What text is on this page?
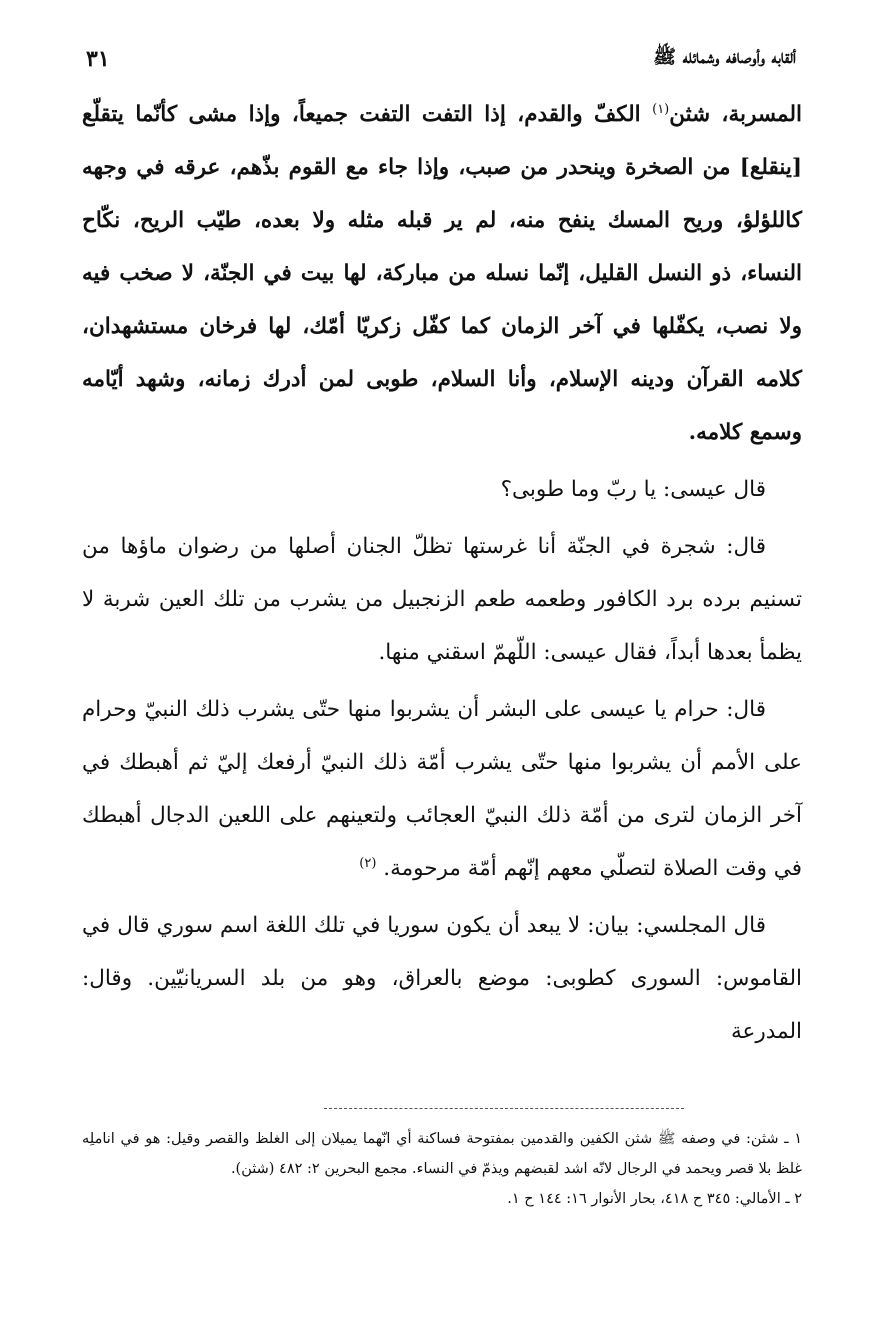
ألقابه وأوصافه وشمائله ﷺ
٣١

المسربة، شثن$^{(١)}$ الكفّ والقدم، إذا التفت التفت جميعاً، وإذا مشى كأنّما يتقلّع [ينقلع] من الصخرة وينحدر من صبب، وإذا جاء مع القوم بذّهم، عرقه في وجهه كاللؤلؤ، وريح المسك ينفح منه، لم ير قبله مثله ولا بعده، طيّب الريح، نكّاح النساء، ذو النسل القليل، إنّما نسله من مباركة، لها بيت في الجنّة، لا صخب فيه ولا نصب، يكفّلها في آخر الزمان كما كفّل زكريّا أمّك، لها فرخان مستشهدان، كلامه القرآن ودينه الإسلام، وأنا السلام، طوبى لمن أدرك زمانه، وشهد أيّامه وسمع كلامه.

قال عيسى: يا ربّ وما طوبى؟

قال: شجرة في الجنّة أنا غرستها تظلّ الجنان أصلها من رضوان ماؤها من تسنيم برده برد الكافور وطعمه طعم الزنجبيل من يشرب من تلك العين شربة لا يظمأ بعدها أبداً، فقال عيسى: اللّهمّ اسقني منها.

قال: حرام يا عيسى على البشر أن يشربوا منها حتّى يشرب ذلك النبيّ وحرام على الأمم أن يشربوا منها حتّى يشرب أمّة ذلك النبيّ أرفعك إليّ ثم أهبطك في آخر الزمان لترى من أمّة ذلك النبيّ العجائب ولتعينهم على اللعين الدجال أهبطك في وقت الصلاة لتصلّي معهم إنّهم أمّة مرحومة. $^{(٢)}$

قال المجلسي: بيان: لا يبعد أن يكون سوريا في تلك اللغة اسم سوري قال في القاموس: السورى كطوبى: موضع بالعراق، وهو من بلد السريانيّين. وقال: المدرعة

١ ـ شثن: في وصفه ﷺ شثن الكفين والقدمين بمفتوحة فساكنة أي انّهما يميلان إلى الغلظ والقصر وقيل: هو في اناملِه غلظ بلا قصر ويحمد في الرجال لانّه اشد لقبضهم ويذمّ في النساء. مجمع البحرين ٢: ٤٨٢ (شثن).

٢ ـ الأمالي: ٣٤٥ ح ٤١٨، بحار الأنوار ١٦: ١٤٤ ح ١.
